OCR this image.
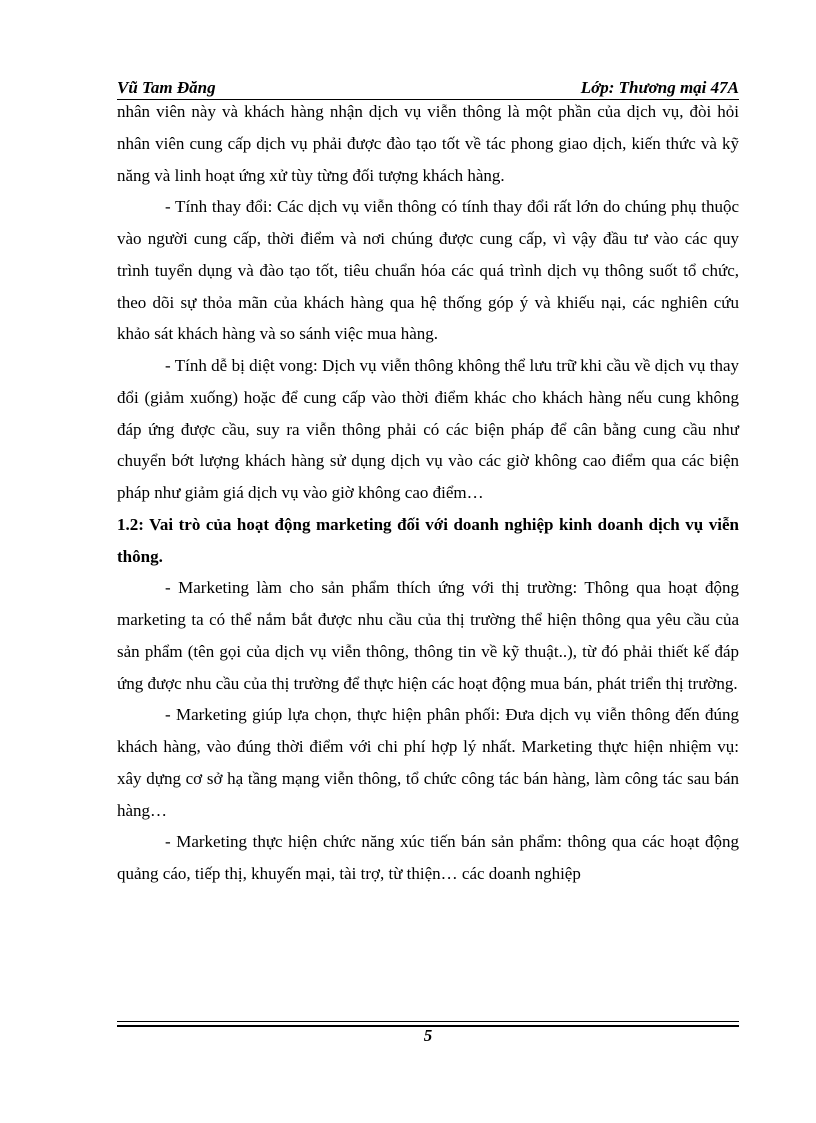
Vũ Tam Đăng	Lớp: Thương mại 47A

nhân viên này và khách hàng nhận dịch vụ viễn thông là một phần của dịch vụ, đòi hỏi nhân viên cung cấp dịch vụ phải được đào tạo tốt về tác phong giao dịch, kiến thức và kỹ năng và linh hoạt ứng xử tùy từng đối tượng khách hàng.

- Tính thay đổi: Các dịch vụ viễn thông có tính thay đổi rất lớn do chúng phụ thuộc vào người cung cấp, thời điểm và nơi chúng được cung cấp, vì vậy đầu tư vào các quy trình tuyển dụng và đào tạo tốt, tiêu chuẩn hóa các quá trình dịch vụ thông suốt tổ chức, theo dõi sự thỏa mãn của khách hàng qua hệ thống góp ý và khiếu nại, các nghiên cứu khảo sát khách hàng và so sánh việc mua hàng.

- Tính dễ bị diệt vong: Dịch vụ viễn thông không thể lưu trữ khi cầu về dịch vụ thay đổi (giảm xuống) hoặc để cung cấp vào thời điểm khác cho khách hàng nếu cung không đáp ứng được cầu, suy ra viễn thông phải có các biện pháp để cân bằng cung cầu như chuyển bớt lượng khách hàng sử dụng dịch vụ vào các giờ không cao điểm qua các biện pháp như giảm giá dịch vụ vào giờ không cao điểm…

1.2: Vai trò của hoạt động marketing đối với doanh nghiệp kinh doanh dịch vụ viễn thông.

- Marketing làm cho sản phẩm thích ứng với thị trường: Thông qua hoạt động marketing ta có thể nắm bắt được nhu cầu của thị trường thể hiện thông qua yêu cầu của sản phẩm (tên gọi của dịch vụ viễn thông, thông tin về kỹ thuật..), từ đó phải thiết kế đáp ứng được nhu cầu của thị trường để thực hiện các hoạt động mua bán, phát triển thị trường.

- Marketing giúp lựa chọn, thực hiện phân phối: Đưa dịch vụ viễn thông đến đúng khách hàng, vào đúng thời điểm với chi phí hợp lý nhất. Marketing thực hiện nhiệm vụ: xây dựng cơ sở hạ tầng mạng viễn thông, tổ chức công tác bán hàng, làm công tác sau bán hàng…

- Marketing thực hiện chức năng xúc tiến bán sản phẩm: thông qua các hoạt động quảng cáo, tiếp thị, khuyến mại, tài trợ, từ thiện… các doanh nghiệp

5
